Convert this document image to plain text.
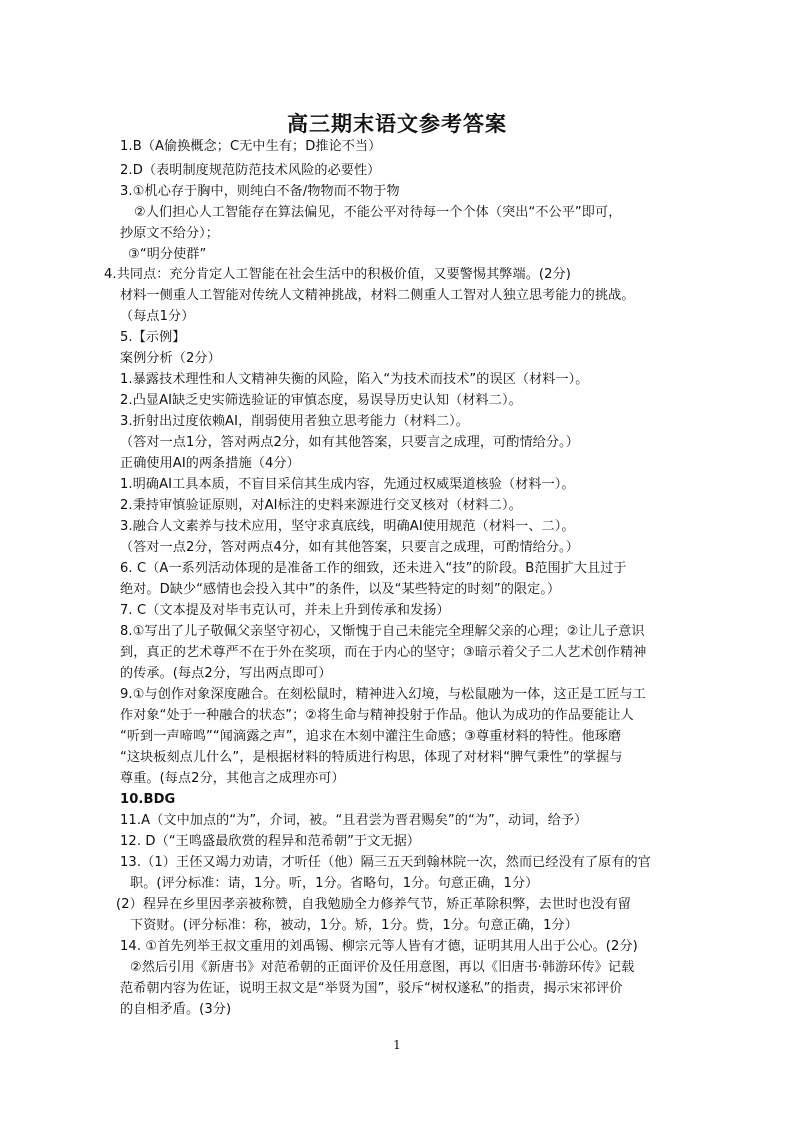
高三期末语文参考答案
1.B（A偷换概念；C无中生有；D推论不当）
2.D（表明制度规范防范技术风险的必要性）
3.①机心存于胸中，则纯白不备/物物而不物于物
②人们担心人工智能存在算法偏见，不能公平对待每一个个体（突出“不公平”即可，
抄原文不给分）；
③“明分使群”
4.共同点：充分肯定人工智能在社会生活中的积极价值，又要警惕其弊端。(2分)
材料一侧重人工智能对传统人文精神挑战，材料二侧重人工智对人独立思考能力的挑战。
（每点1分）
5.【示例】
案例分析（2分）
1.暴露技术理性和人文精神失衡的风险，陷入“为技术而技术”的误区（材料一）。
2.凸显AI缺乏史实筛选验证的审慎态度，易误导历史认知（材料二）。
3.折射出过度依赖AI，削弱使用者独立思考能力（材料二）。
（答对一点1分，答对两点2分，如有其他答案，只要言之成理，可酌情给分。）
正确使用AI的两条措施（4分）
1.明确AI工具本质，不盲目采信其生成内容，先通过权威渠道核验（材料一）。
2.秉持审慎验证原则，对AI标注的史料来源进行交叉核对（材料二）。
3.融合人文素养与技术应用，坚守求真底线，明确AI使用规范（材料一、二）。
（答对一点2分，答对两点4分，如有其他答案，只要言之成理，可酌情给分。）
6. C（A一系列活动体现的是准备工作的细致，还未进入“技”的阶段。B范围扩大且过于
绝对。D缺少“感情也会投入其中”的条件，以及“某些特定的时刻”的限定。）
7. C（文本提及对毕韦克认可，并未上升到传承和发扬）
8.①写出了儿子敬佩父亲坚守初心，又惭愧于自己未能完全理解父亲的心理；②让儿子意识
到，真正的艺术尊严不在于外在奖项，而在于内心的坚守；③暗示着父子二人艺术创作精神
的传承。(每点2分，写出两点即可）
9.①与创作对象深度融合。在刻松鼠时，精神进入幻境，与松鼠融为一体，这正是工匠与工
作对象“处于一种融合的状态”；②将生命与精神投射于作品。他认为成功的作品要能让人
“听到一声啼鸣”“闻滴露之声”，追求在木刻中灌注生命感；③尊重材料的特性。他琢磨
“这块板刻点儿什么”，是根据材料的特质进行构思，体现了对材料“脾气秉性”的掌握与
尊重。(每点2分，其他言之成理亦可）
10.BDG
11.A（文中加点的“为”，介词，被。“且君尝为晋君赐矣”的“为”，动词，给予）
12. D（“王鸣盛最欣赏的程异和范希朝”于文无据）
13.（1）王伾又竭力劝请，才听任（他）隔三五天到翰林院一次，然而已经没有了原有的官
职。(评分标准：请，1分。听，1分。省略句，1分。句意正确，1分）
(2）程异在乡里因孝亲被称赞，自我勉励全力修养气节，矫正革除积弊，去世时也没有留
下资财。(评分标准：称，被动，1分。矫，1分。赀，1分。句意正确，1分）
14. ①首先列举王叔文重用的刘禹锡、柳宗元等人皆有才德，证明其用人出于公心。(2分)
②然后引用《新唐书》对范希朝的正面评价及任用意图，再以《旧唐书·韩游环传》记载
范希朝内容为佐证，说明王叔文是“举贤为国”，驳斥“树权遂私”的指责，揭示宋祁评价
的自相矛盾。(3分)
1
